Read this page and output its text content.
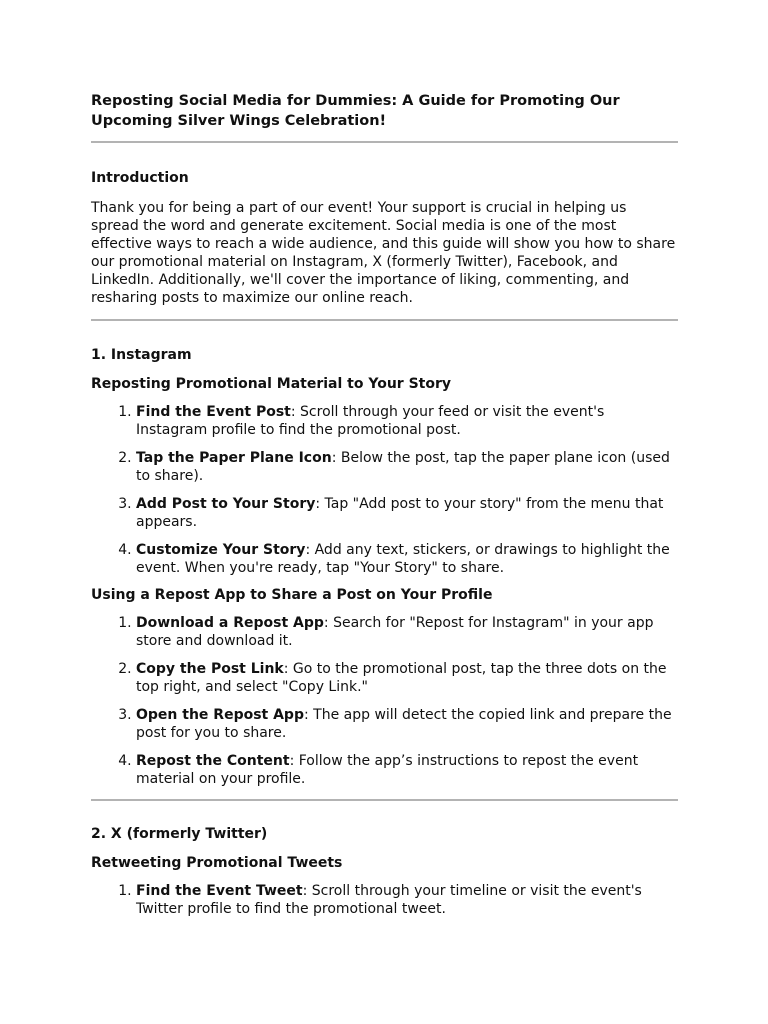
Reposting Social Media for Dummies: A Guide for Promoting Our Upcoming Silver Wings Celebration!
Introduction

Thank you for being a part of our event! Your support is crucial in helping us spread the word and generate excitement. Social media is one of the most effective ways to reach a wide audience, and this guide will show you how to share our promotional material on Instagram, X (formerly Twitter), Facebook, and LinkedIn. Additionally, we'll cover the importance of liking, commenting, and resharing posts to maximize our online reach.

1. Instagram
Reposting Promotional Material to Your Story
1. Find the Event Post: Scroll through your feed or visit the event's Instagram profile to find the promotional post.
2. Tap the Paper Plane Icon: Below the post, tap the paper plane icon (used to share).
3. Add Post to Your Story: Tap "Add post to your story" from the menu that appears.
4. Customize Your Story: Add any text, stickers, or drawings to highlight the event. When you're ready, tap "Your Story" to share.
Using a Repost App to Share a Post on Your Profile
1. Download a Repost App: Search for "Repost for Instagram" in your app store and download it.
2. Copy the Post Link: Go to the promotional post, tap the three dots on the top right, and select "Copy Link."
3. Open the Repost App: The app will detect the copied link and prepare the post for you to share.
4. Repost the Content: Follow the app’s instructions to repost the event material on your profile.
2. X (formerly Twitter)
Retweeting Promotional Tweets
1. Find the Event Tweet: Scroll through your timeline or visit the event's Twitter profile to find the promotional tweet.
